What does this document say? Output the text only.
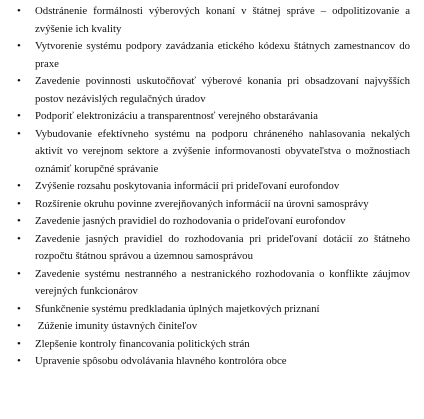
• Odstránenie formálnosti výberových konaní v štátnej správe – odpolitizovanie a zvýšenie ich kvality
• Vytvorenie systému podpory zavádzania etického kódexu štátnych zamestnancov do praxe
• Zavedenie povinnosti uskutočňovať výberové konania pri obsadzovaní najvyšších postov nezávislých regulačných úradov
• Podporiť elektronizáciu a transparentnosť verejného obstarávania
• Vybudovanie efektívneho systému na podporu chráneného nahlasovania nekalých aktivít vo verejnom sektore a zvýšenie informovanosti obyvateľstva o možnostiach oznámiť korupčné správanie
• Zvýšenie rozsahu poskytovania informácií pri prideľovaní eurofondov
• Rozšírenie okruhu povinne zverejňovaných informácií na úrovni samosprávy
• Zavedenie jasných pravidiel do rozhodovania o prideľovaní eurofondov
• Zavedenie jasných pravidiel do rozhodovania pri prideľovaní dotácií zo štátneho rozpočtu štátnou správou a územnou samosprávou
• Zavedenie systému nestranného a nestranického rozhodovania o konflikte záujmov verejných funkcionárov
• Sfunkčnenie systému predkladania úplných majetkových priznaní
• Zúženie imunity ústavných činiteľov
• Zlepšenie kontroly financovania politických strán
• Upravenie spôsobu odvolávania hlavného kontrolóra obce
